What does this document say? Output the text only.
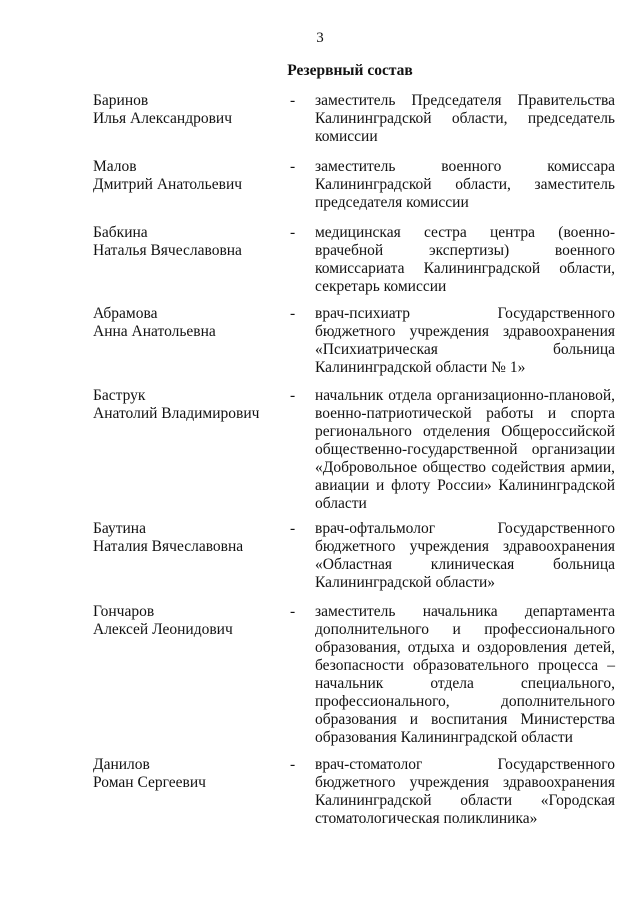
3
Резервный состав
Баринов
Илья Александрович
- заместитель Председателя Правительства Калининградской области, председатель комиссии
Малов
Дмитрий Анатольевич
- заместитель военного комиссара Калининградской области, заместитель председателя комиссии
Бабкина
Наталья Вячеславовна
- медицинская сестра центра (военно-врачебной экспертизы) военного комиссариата Калининградской области, секретарь комиссии
Абрамова
Анна Анатольевна
- врач-психиатр Государственного бюджетного учреждения здравоохранения «Психиатрическая больница Калининградской области № 1»
Баструк
Анатолий Владимирович
- начальник отдела организационно-плановой, военно-патриотической работы и спорта регионального отделения Общероссийской общественно-государственной организации «Добровольное общество содействия армии, авиации и флоту России» Калининградской области
Баутина
Наталия Вячеславовна
- врач-офтальмолог Государственного бюджетного учреждения здравоохранения «Областная клиническая больница Калининградской области»
Гончаров
Алексей Леонидович
- заместитель начальника департамента дополнительного и профессионального образования, отдыха и оздоровления детей, безопасности образовательного процесса – начальник отдела специального, профессионального, дополнительного образования и воспитания Министерства образования Калининградской области
Данилов
Роман Сергеевич
- врач-стоматолог Государственного бюджетного учреждения здравоохранения Калининградской области «Городская стоматологическая поликлиника»
